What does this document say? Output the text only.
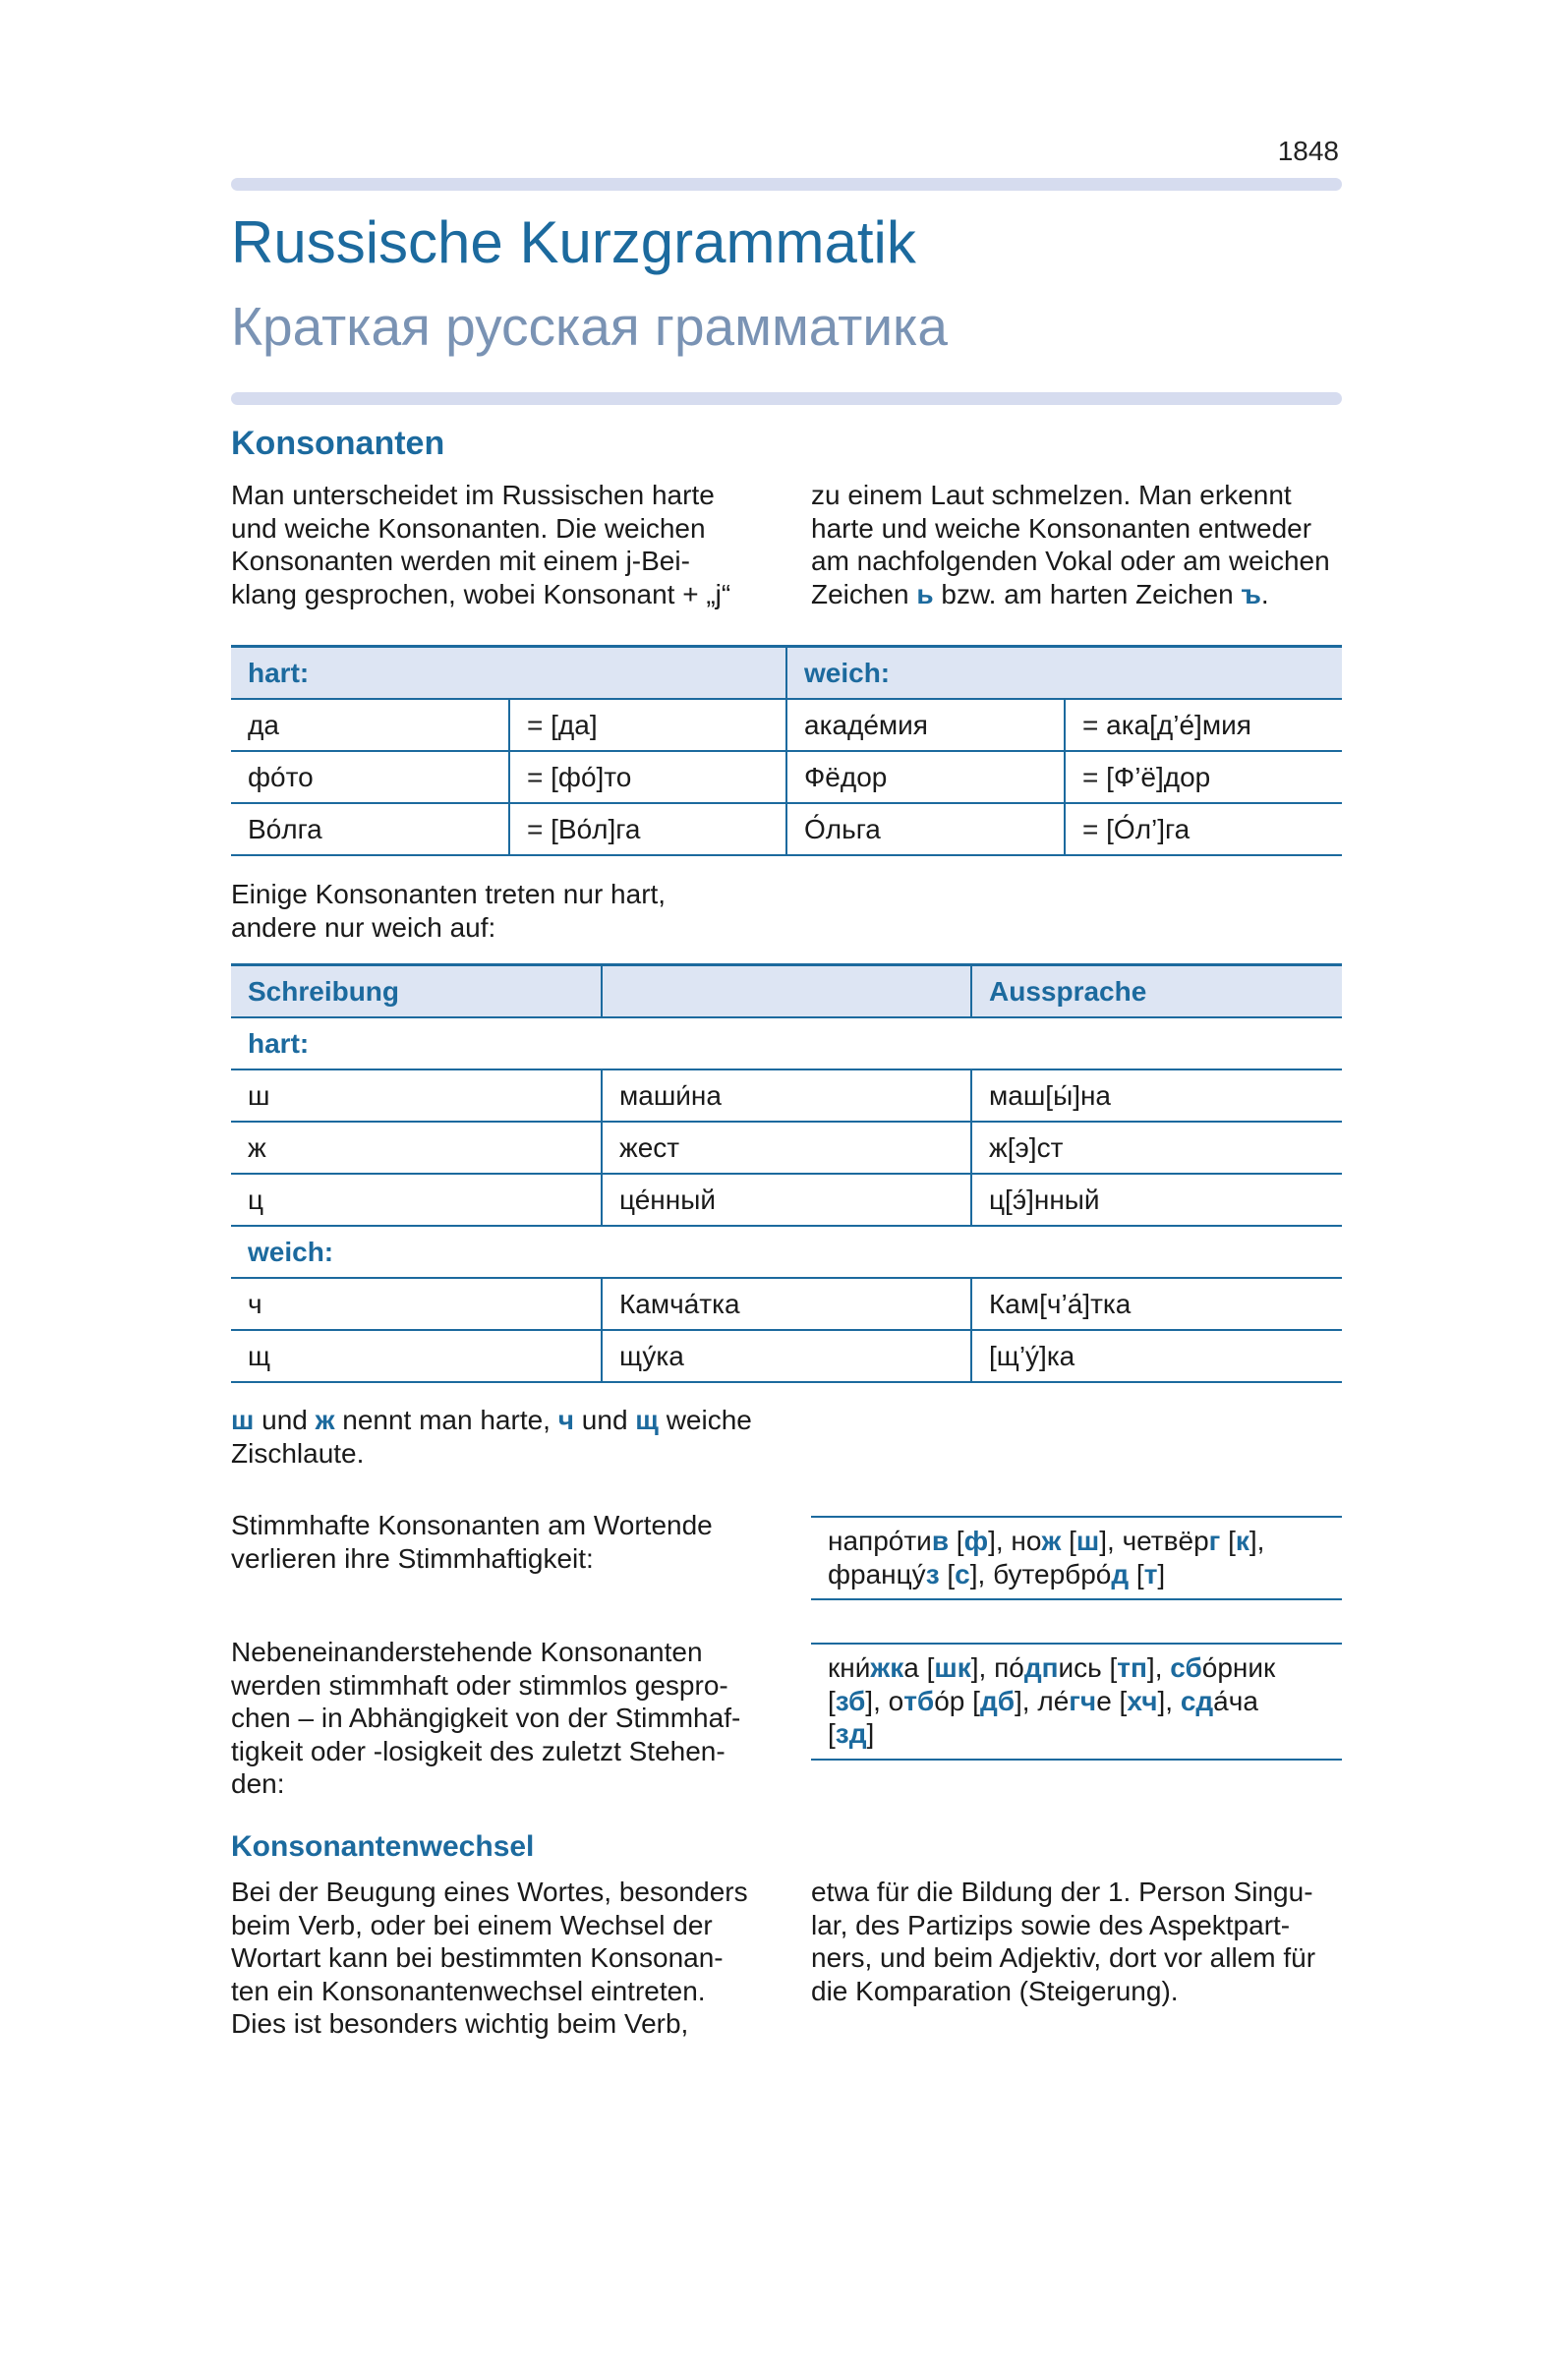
1848
Russische Kurzgrammatik
Краткая русская грамматика
Konsonanten
Man unterscheidet im Russischen harte
und weiche Konsonanten. Die weichen
Konsonanten werden mit einem j-Bei-
klang gesprochen, wobei Konsonant + „j“
zu einem Laut schmelzen. Man erkennt
harte und weiche Konsonanten entweder
am nachfolgenden Vokal oder am weichen
Zeichen ь bzw. am harten Zeichen ъ.
hart:		weich:	
да	= [да]	акаде́мия	= ака[д’е́]мия
фо́то	= [фо́]то	Фёдор	= [Ф’ё]дор
Во́лга	= [Во́л]га	О́льга	= [О́л’]га
Einige Konsonanten treten nur hart,
andere nur weich auf:
Schreibung		Aussprache
hart:		
ш	маши́на	маш[ы́]на
ж	жест	ж[э]ст
ц	це́нный	ц[э́]нный
weich:		
ч	Камча́тка	Кам[ч’а́]тка
щ	щу́ка	[щ’у́]ка
ш und ж nennt man harte, ч und щ weiche
Zischlaute.
Stimmhafte Konsonanten am Wortende
verlieren ihre Stimmhaftigkeit:
напро́тив [ф], нож [ш], четвёрг [к],
францу́з [с], бутербро́д [т]
Nebeneinanderstehende Konsonanten
werden stimmhaft oder stimmlos gespro-
chen – in Abhängigkeit von der Stimmhaf-
tigkeit oder -losigkeit des zuletzt Stehen-
den:
кни́жка [шк], по́дпись [тп], сбо́рник
[зб], отбо́р [дб], ле́гче [хч], сда́ча
[зд]
Konsonantenwechsel
Bei der Beugung eines Wortes, besonders
beim Verb, oder bei einem Wechsel der
Wortart kann bei bestimmten Konsonan-
ten ein Konsonantenwechsel eintreten.
Dies ist besonders wichtig beim Verb,
etwa für die Bildung der 1. Person Singu-
lar, des Partizips sowie des Aspektpart-
ners, und beim Adjektiv, dort vor allem für
die Komparation (Steigerung).
